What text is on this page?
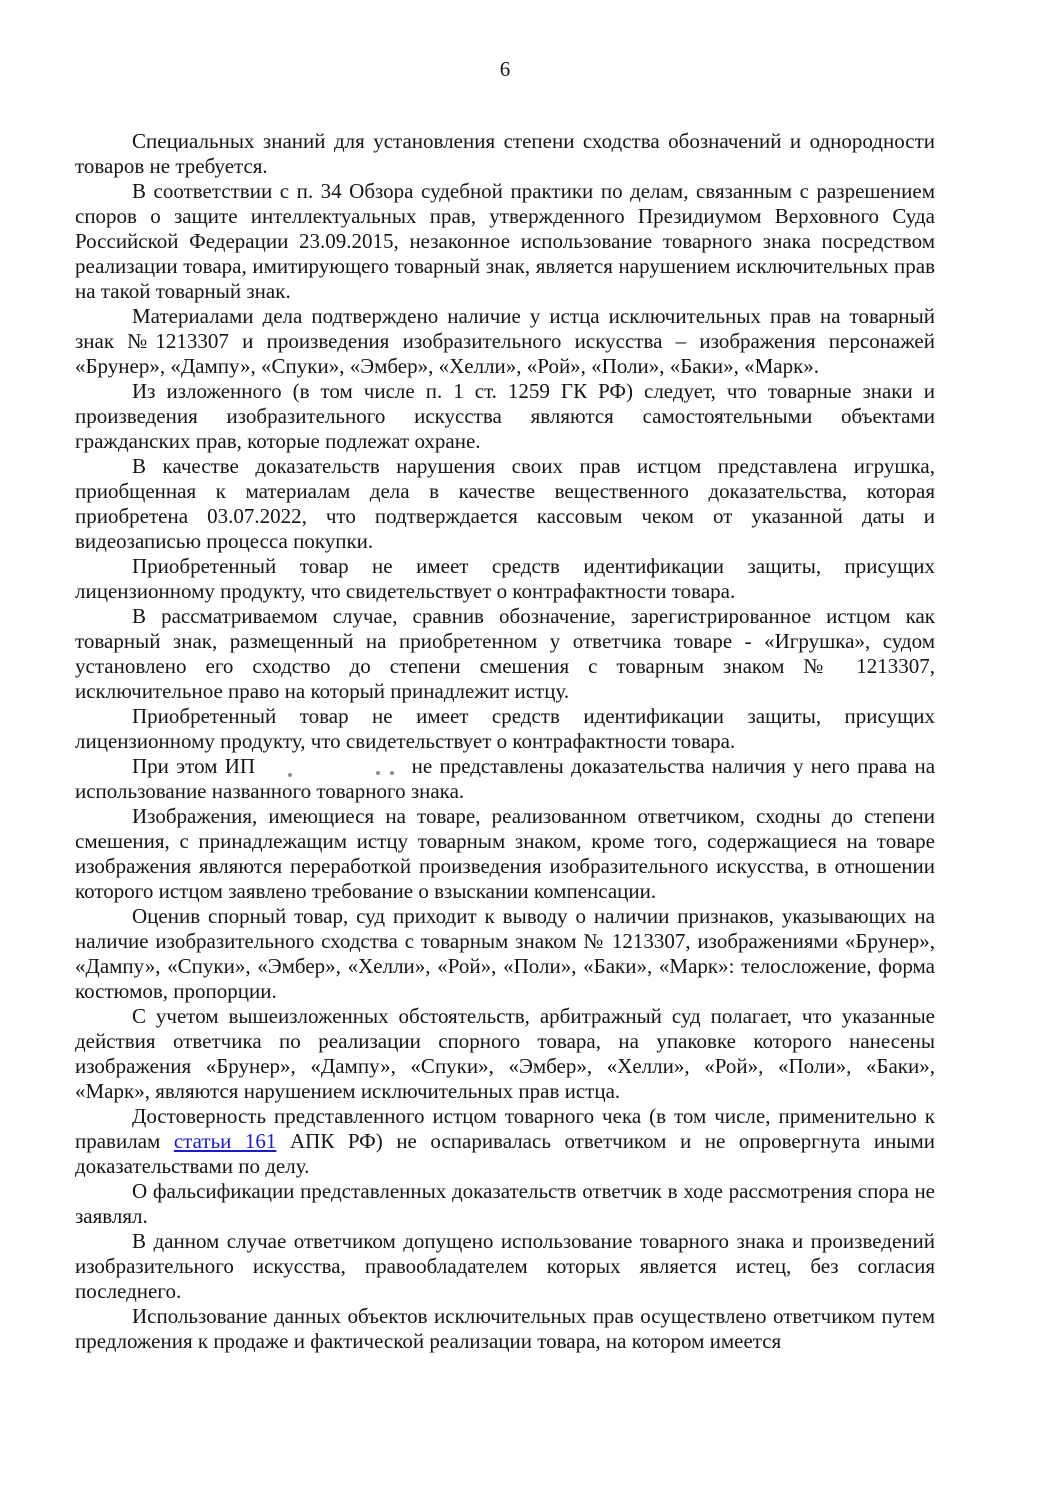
6

Специальных знаний для установления степени сходства обозначений и однородности товаров не требуется.

В соответствии с п. 34 Обзора судебной практики по делам, связанным с разрешением споров о защите интеллектуальных прав, утвержденного Президиумом Верховного Суда Российской Федерации 23.09.2015, незаконное использование товарного знака посредством реализации товара, имитирующего товарный знак, является нарушением исключительных прав на такой товарный знак.

Материалами дела подтверждено наличие у истца исключительных прав на товарный знак №1213307 и произведения изобразительного искусства – изображения персонажей «Брунер», «Дампу», «Спуки», «Эмбер», «Хелли», «Рой», «Поли», «Баки», «Марк».

Из изложенного (в том числе п. 1 ст. 1259 ГК РФ) следует, что товарные знаки и произведения изобразительного искусства являются самостоятельными объектами гражданских прав, которые подлежат охране.

В качестве доказательств нарушения своих прав истцом представлена игрушка, приобщенная к материалам дела в качестве вещественного доказательства, которая приобретена 03.07.2022, что подтверждается кассовым чеком от указанной даты и видеозаписью процесса покупки.

Приобретенный товар не имеет средств идентификации защиты, присущих лицензионному продукту, что свидетельствует о контрафактности товара.

В рассматриваемом случае, сравнив обозначение, зарегистрированное истцом как товарный знак, размещенный на приобретенном у ответчика товаре - «Игрушка», судом установлено его сходство до степени смешения с товарным знаком № 1213307, исключительное право на который принадлежит истцу.

Приобретенный товар не имеет средств идентификации защиты, присущих лицензионному продукту, что свидетельствует о контрафактности товара.

При этом ИП	не представлены доказательства наличия у него права на использование названного товарного знака.

Изображения, имеющиеся на товаре, реализованном ответчиком, сходны до степени смешения, с принадлежащим истцу товарным знаком, кроме того, содержащиеся на товаре изображения являются переработкой произведения изобразительного искусства, в отношении которого истцом заявлено требование о взыскании компенсации.

Оценив спорный товар, суд приходит к выводу о наличии признаков, указывающих на наличие изобразительного сходства с товарным знаком № 1213307, изображениями «Брунер», «Дампу», «Спуки», «Эмбер», «Хелли», «Рой», «Поли», «Баки», «Марк»: телосложение, форма костюмов, пропорции.

С учетом вышеизложенных обстоятельств, арбитражный суд полагает, что указанные действия ответчика по реализации спорного товара, на упаковке которого нанесены изображения «Брунер», «Дампу», «Спуки», «Эмбер», «Хелли», «Рой», «Поли», «Баки», «Марк», являются нарушением исключительных прав истца.

Достоверность представленного истцом товарного чека (в том числе, применительно к правилам статьи 161 АПК РФ) не оспаривалась ответчиком и не опровергнута иными доказательствами по делу.

О фальсификации представленных доказательств ответчик в ходе рассмотрения спора не заявлял.

В данном случае ответчиком допущено использование товарного знака и произведений изобразительного искусства, правообладателем которых является истец, без согласия последнего.

Использование данных объектов исключительных прав осуществлено ответчиком путем предложения к продаже и фактической реализации товара, на котором имеется
